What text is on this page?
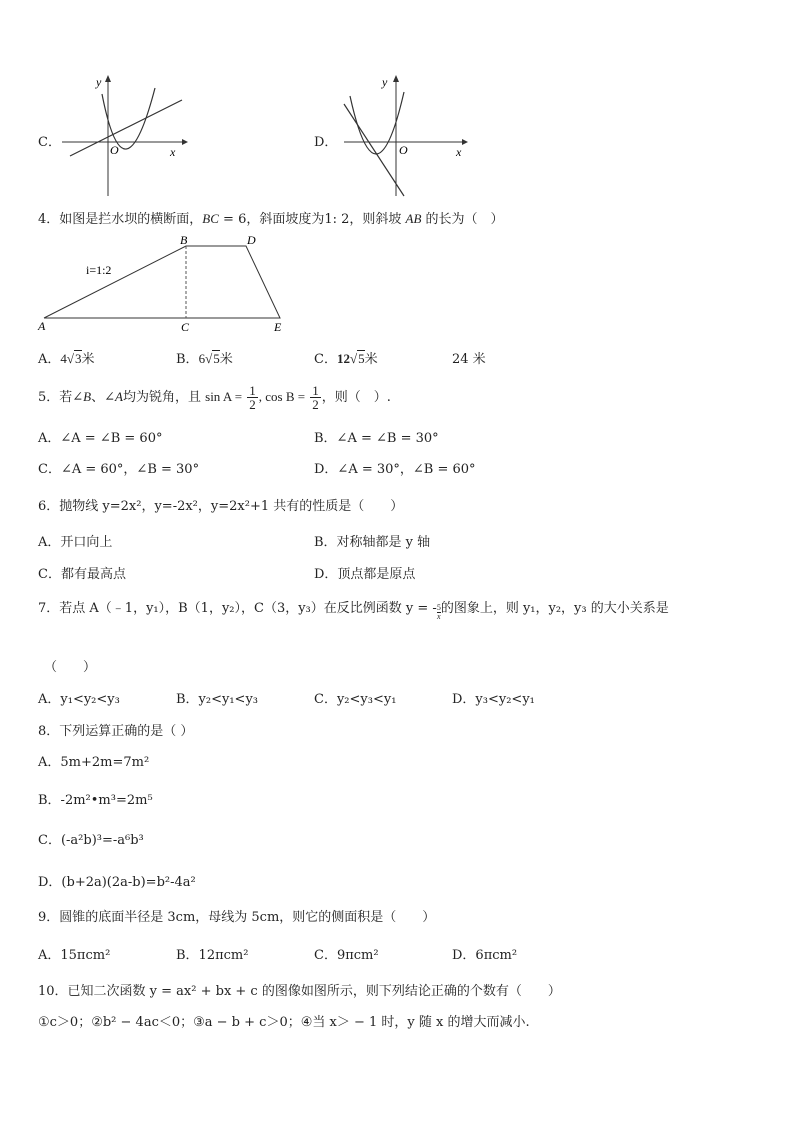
C．
y
x
O	D．
y
x
O
4．如图是拦水坝的横断面，BC = 6，斜面坡度为1: 2，则斜坡 AB 的长为（　）
B	D
A	C	E
i=1:2
A．4√3米	B．6√5米	C．12√5米	24 米
5．若∠B、∠A均为锐角，且 $\sin A = \frac{1}{2}$ , $\cos B = \frac{1}{2}$ ，则（　）.
A．∠A = ∠B = 60°	B．∠A = ∠B = 30°
C．∠A = 60°，∠B = 30°	D．∠A = 30°，∠B = 60°
6．抛物线 y=2x²，y=-2x²，y=2x²+1 共有的性质是（　　）
A．开口向上	B．对称轴都是 y 轴
C．都有最高点	D．顶点都是原点
7．若点 A（﹣1，y₁），B（1，y₂），C（3，y₃）在反比例函数 y = - $\frac{5}{x}$的图象上，则 y₁，y₂，y₃ 的大小关系是
（　　）
A．y₁<y₂<y₃	B．y₂<y₁<y₃	C．y₂<y₃<y₁	D．y₃<y₂<y₁
8．下列运算正确的是（ ）
A．5m+2m=7m²
B．-2m²•m³=2m⁵
C．(-a²b)³=-a⁶b³
D．(b+2a)(2a-b)=b²-4a²
9．圆锥的底面半径是 3cm，母线为 5cm，则它的侧面积是（　　）
A．15πcm²	B．12πcm²	C．9πcm²	D．6πcm²
10．已知二次函数 y = ax² + bx + c 的图像如图所示，则下列结论正确的个数有（　　）
①c＞0；②b² − 4ac＜0；③a − b + c＞0；④当 x＞ − 1 时，y 随 x 的增大而减小.
